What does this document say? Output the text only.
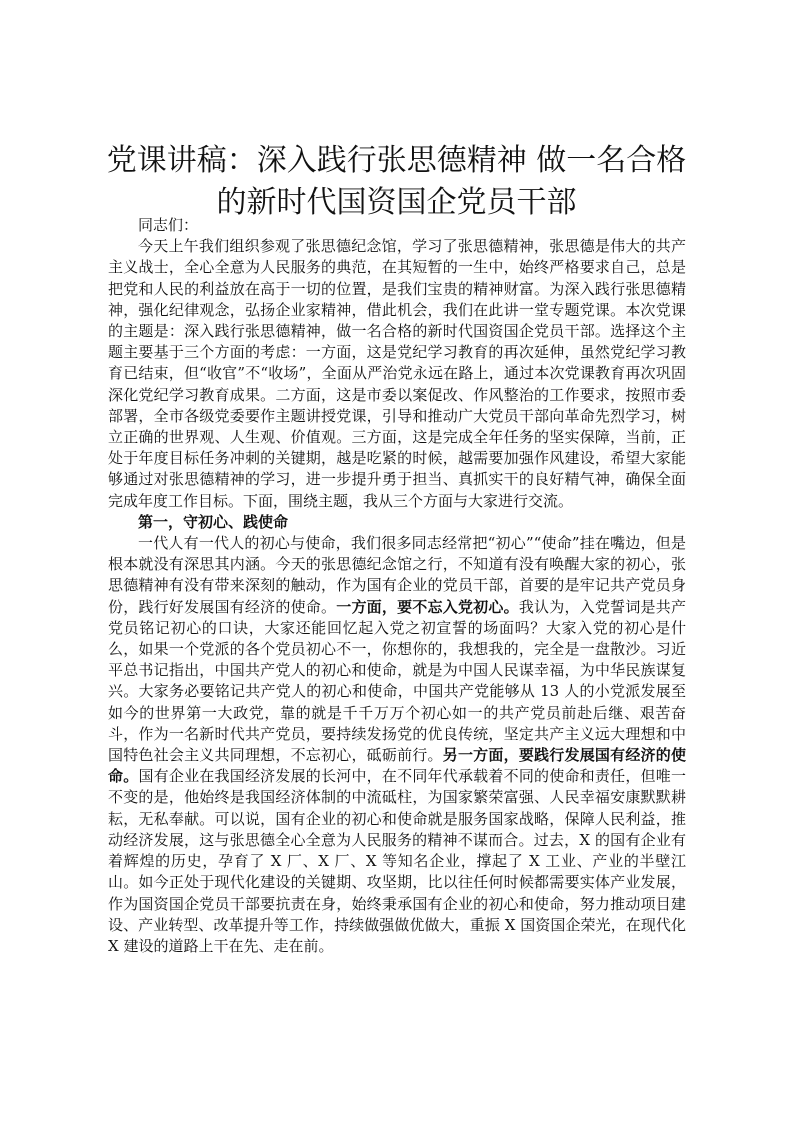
党课讲稿：深入践行张思德精神 做一名合格
的新时代国资国企党员干部

同志们：

今天上午我们组织参观了张思德纪念馆，学习了张思德精神，张思德是伟大的共产主义战士，全心全意为人民服务的典范，在其短暂的一生中，始终严格要求自己，总是把党和人民的利益放在高于一切的位置，是我们宝贵的精神财富。为深入践行张思德精神，强化纪律观念，弘扬企业家精神，借此机会，我们在此讲一堂专题党课。本次党课的主题是：深入践行张思德精神，做一名合格的新时代国资国企党员干部。选择这个主题主要基于三个方面的考虑：一方面，这是党纪学习教育的再次延伸，虽然党纪学习教育已结束，但“收官”不“收场”，全面从严治党永远在路上，通过本次党课教育再次巩固深化党纪学习教育成果。二方面，这是市委以案促改、作风整治的工作要求，按照市委部署，全市各级党委要作主题讲授党课，引导和推动广大党员干部向革命先烈学习，树立正确的世界观、人生观、价值观。三方面，这是完成全年任务的坚实保障，当前，正处于年度目标任务冲刺的关键期，越是吃紧的时候，越需要加强作风建设，希望大家能够通过对张思德精神的学习，进一步提升勇于担当、真抓实干的良好精气神，确保全面完成年度工作目标。下面，围绕主题，我从三个方面与大家进行交流。

第一，守初心、践使命

一代人有一代人的初心与使命，我们很多同志经常把“初心”“使命”挂在嘴边，但是根本就没有深思其内涵。今天的张思德纪念馆之行，不知道有没有唤醒大家的初心，张思德精神有没有带来深刻的触动，作为国有企业的党员干部，首要的是牢记共产党员身份，践行好发展国有经济的使命。一方面，要不忘入党初心。我认为，入党誓词是共产党员铭记初心的口诀，大家还能回忆起入党之初宣誓的场面吗？大家入党的初心是什么，如果一个党派的各个党员初心不一，你想你的，我想我的，完全是一盘散沙。习近平总书记指出，中国共产党人的初心和使命，就是为中国人民谋幸福，为中华民族谋复兴。大家务必要铭记共产党人的初心和使命，中国共产党能够从 13 人的小党派发展至如今的世界第一大政党，靠的就是千千万万个初心如一的共产党员前赴后继、艰苦奋斗，作为一名新时代共产党员，要持续发扬党的优良传统，坚定共产主义远大理想和中国特色社会主义共同理想，不忘初心，砥砺前行。另一方面，要践行发展国有经济的使命。国有企业在我国经济发展的长河中，在不同年代承载着不同的使命和责任，但唯一不变的是，他始终是我国经济体制的中流砥柱，为国家繁荣富强、人民幸福安康默默耕耘，无私奉献。可以说，国有企业的初心和使命就是服务国家战略，保障人民利益，推动经济发展，这与张思德全心全意为人民服务的精神不谋而合。过去，X 的国有企业有着辉煌的历史，孕育了 X 厂、X 厂、X 等知名企业，撑起了 X 工业、产业的半壁江山。如今正处于现代化建设的关键期、攻坚期，比以往任何时候都需要实体产业发展，作为国资国企党员干部要抗责在身，始终秉承国有企业的初心和使命，努力推动项目建设、产业转型、改革提升等工作，持续做强做优做大，重振 X 国资国企荣光，在现代化 X 建设的道路上干在先、走在前。
